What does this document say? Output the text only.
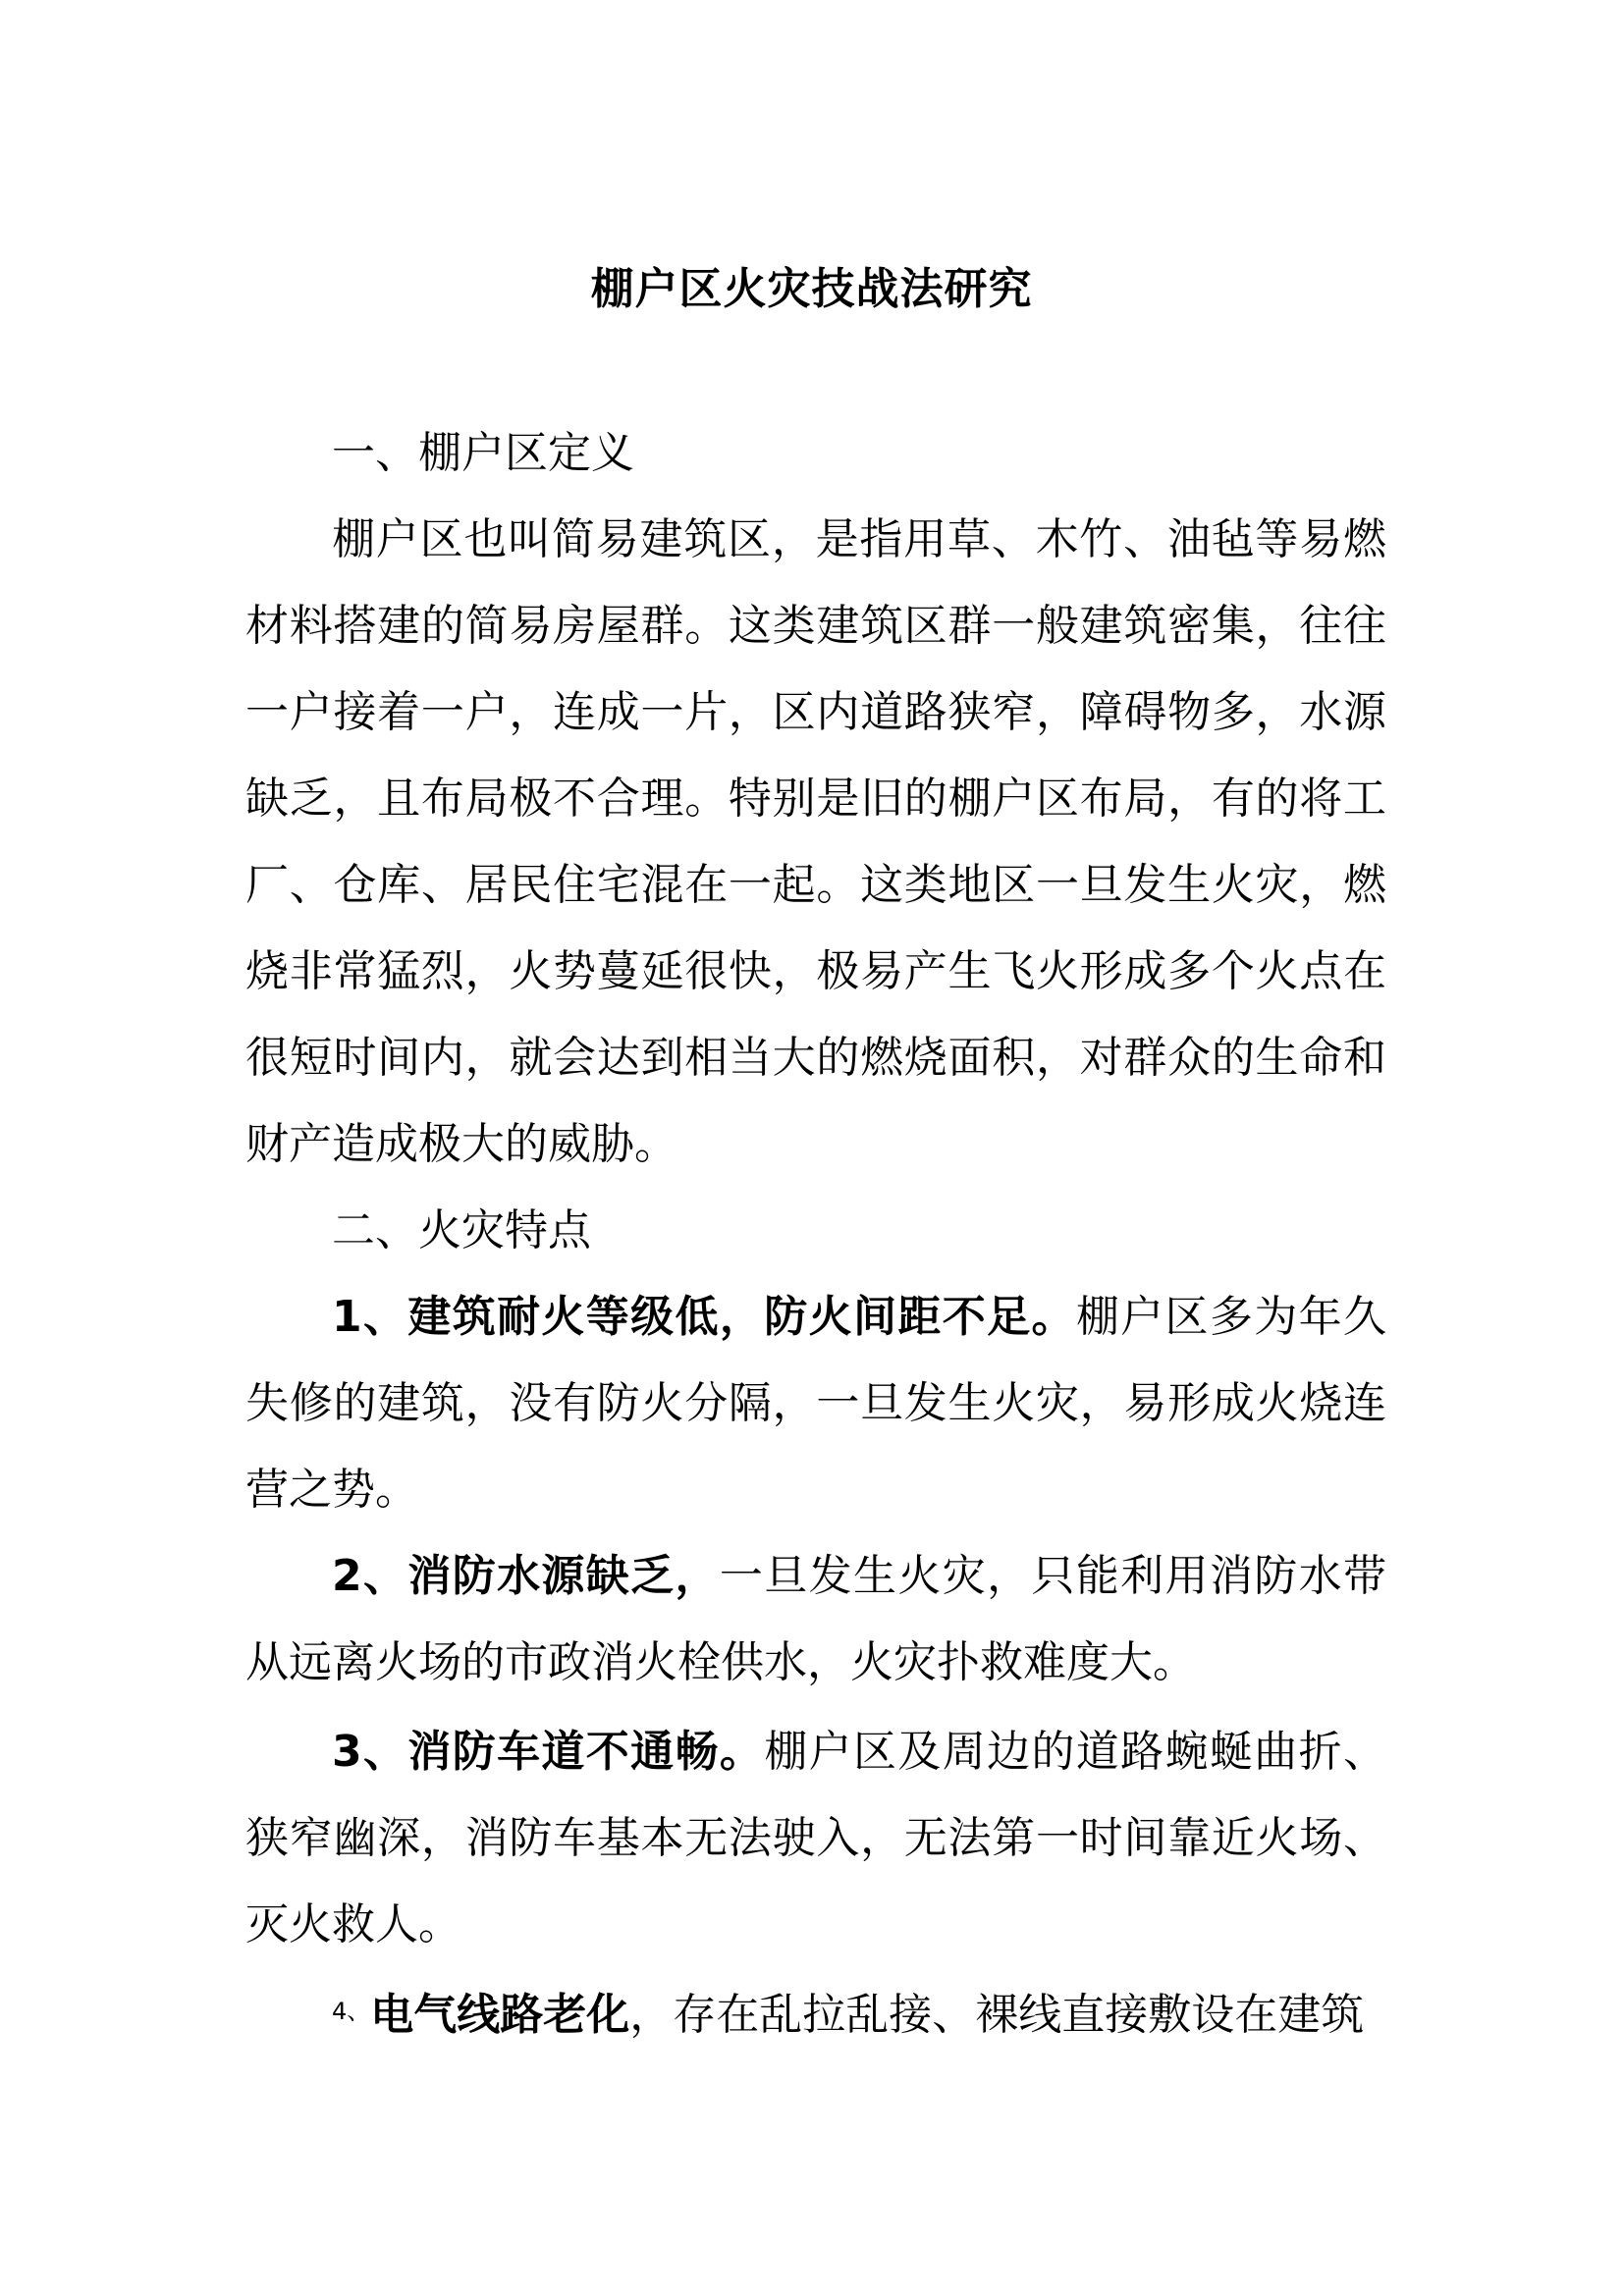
棚户区火灾技战法研究

一、棚户区定义

棚户区也叫简易建筑区，是指用草、木竹、油毡等易燃材料搭建的简易房屋群。这类建筑区群一般建筑密集，往往一户接着一户，连成一片，区内道路狭窄，障碍物多，水源缺乏，且布局极不合理。特别是旧的棚户区布局，有的将工厂、仓库、居民住宅混在一起。这类地区一旦发生火灾，燃烧非常猛烈，火势蔓延很快，极易产生飞火形成多个火点在很短时间内，就会达到相当大的燃烧面积，对群众的生命和财产造成极大的威胁。

二、火灾特点

1、建筑耐火等级低，防火间距不足。棚户区多为年久失修的建筑，没有防火分隔，一旦发生火灾，易形成火烧连营之势。

2、消防水源缺乏，一旦发生火灾，只能利用消防水带从远离火场的市政消火栓供水，火灾扑救难度大。

3、消防车道不通畅。棚户区及周边的道路蜿蜒曲折、狭窄幽深，消防车基本无法驶入，无法第一时间靠近火场、灭火救人。

$^{4、}$电气线路老化，存在乱拉乱接、裸线直接敷设在建筑
